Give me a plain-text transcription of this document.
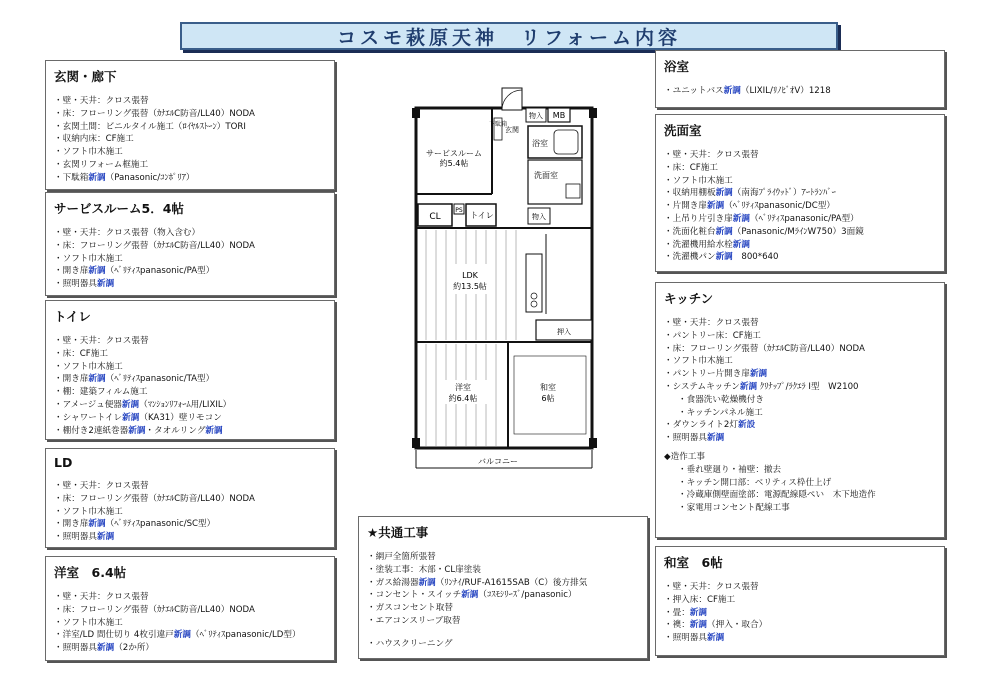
コスモ萩原天神　リフォーム内容
玄関・廊下
・壁・天井：クロス張替
・床：フローリング張替（ｶﾅｴﾙC防音/LL40）NODA
・玄関土間：ビニルタイル施工（ﾛｲﾔﾙｽﾄｰﾝ）TORI
・収納内床：CF施工
・ソフト巾木施工
・玄関リフォーム框施工
・下駄箱新調（Panasonic/ｺﾝﾎﾟﾘｱ）
サービスルーム5．4帖
・壁・天井：クロス張替（物入含む）
・床：フローリング張替（ｶﾅｴﾙC防音/LL40）NODA
・ソフト巾木施工
・開き扉新調（ﾍﾞﾘﾃｨｽpanasonic/PA型）
・照明器具新調
トイレ
・壁・天井：クロス張替
・床：CF施工
・ソフト巾木施工
・開き扉新調（ﾍﾞﾘﾃｨｽpanasonic/TA型）
・棚：建築フィルム施工
・アメージュ便器新調（ﾏﾝｼｮﾝﾘﾌｫｰﾑ用/LIXIL）
・シャワートイレ新調（KA31）壁リモコン
・棚付き2連紙巻器新調・タオルリング新調
LD
・壁・天井：クロス張替
・床：フローリング張替（ｶﾅｴﾙC防音/LL40）NODA
・ソフト巾木施工
・開き扉新調（ﾍﾞﾘﾃｨｽpanasonic/SC型）
・照明器具新調
洋室　6.4帖
・壁・天井：クロス張替
・床：フローリング張替（ｶﾅｴﾙC防音/LL40）NODA
・ソフト巾木施工
・洋室/LD 間仕切り 4枚引違戸新調（ﾍﾞﾘﾃｨｽpanasonic/LD型）
・照明器具新調（2か所）
★共通工事
・網戸全箇所張替
・塗装工事：木部・CL扉塗装
・ガス給湯器新調（ﾘﾝﾅｲ/RUF-A1615SAB（C）後方排気
・コンセント・スイッチ新調（ｺｽﾓｼﾘｰｽﾞ/panasonic）
・ガスコンセント取替
・エアコンスリーブ取替
・ハウスクリーニング
浴室
・ユニットバス新調（LIXIL/ﾘﾉﾋﾞｵV）1218
洗面室
・壁・天井：クロス張替
・床：CF施工
・ソフト巾木施工
・収納用棚板新調（南海ﾌﾟﾗｲｳｯﾄﾞ）ｱｰﾄﾗﾝﾊﾞｰ
・片開き扉新調（ﾍﾞﾘﾃｨｽpanasonic/DC型）
・上吊り片引き扉新調（ﾍﾞﾘﾃｨｽpanasonic/PA型）
・洗面化粧台新調（Panasonic/MﾗｲﾝW750）3面鏡
・洗濯機用給水栓新調
・洗濯機パン新調　800*640
キッチン
・壁・天井：クロス張替
・パントリー床：CF施工
・床：フローリング張替（ｶﾅｴﾙC防音/LL40）NODA
・ソフト巾木施工
・パントリー片開き扉新調
・システムキッチン新調 ｸﾘﾅｯﾌﾟ/ﾗｸｴﾗ I型　W2100
・食器洗い乾燥機付き
・キッチンパネル施工
・ダウンライト2灯新設
・照明器具新調
◆造作工事
・垂れ壁廻り・袖壁：撤去
・キッチン開口部：ベリティス枠仕上げ
・冷蔵庫側壁面塗部：電源配線隠ぺい　木下地造作
・家電用コンセント配線工事
和室　6帖
・壁・天井：クロス張替
・押入床：CF施工
・畳：新調
・襖：新調（押入・取合）
・照明器具新調
サービスルーム
約5.4帖
下駄箱
玄関
物入 MB
浴室
洗面室
CL
PS
トイレ	物入
LDK
約13.5帖
押入
洋室
約6.4帖
和室
6帖
バルコニー
